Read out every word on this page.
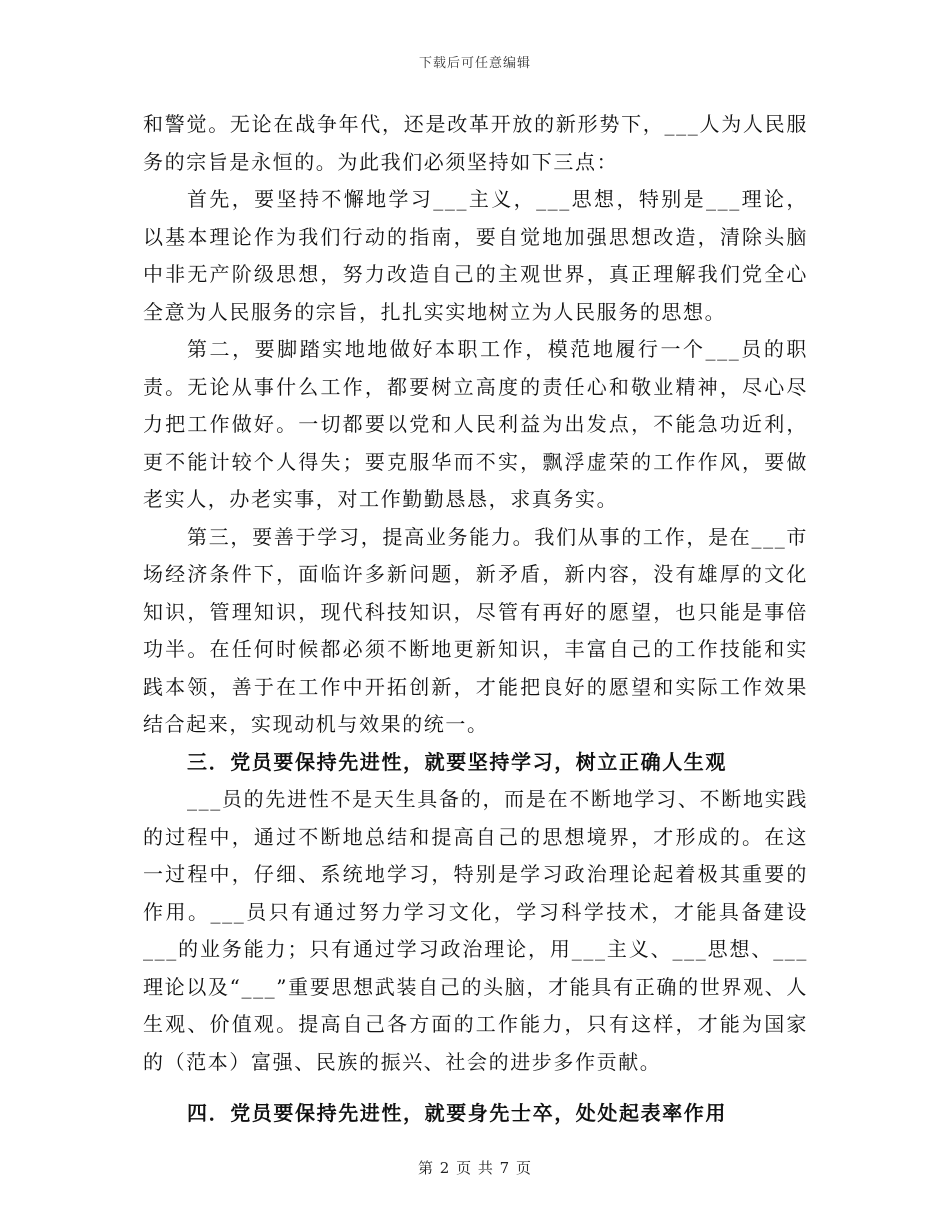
下载后可任意编辑

和警觉。无论在战争年代，还是改革开放的新形势下，___人为人民服务的宗旨是永恒的。为此我们必须坚持如下三点：

首先，要坚持不懈地学习___主义，___思想，特别是___理论，以基本理论作为我们行动的指南，要自觉地加强思想改造，清除头脑中非无产阶级思想，努力改造自己的主观世界，真正理解我们党全心全意为人民服务的宗旨，扎扎实实地树立为人民服务的思想。

第二，要脚踏实地地做好本职工作，模范地履行一个___员的职责。无论从事什么工作，都要树立高度的责任心和敬业精神，尽心尽力把工作做好。一切都要以党和人民利益为出发点，不能急功近利，更不能计较个人得失；要克服华而不实，飘浮虚荣的工作作风，要做老实人，办老实事，对工作勤勤恳恳，求真务实。

第三，要善于学习，提高业务能力。我们从事的工作，是在___市场经济条件下，面临许多新问题，新矛盾，新内容，没有雄厚的文化知识，管理知识，现代科技知识，尽管有再好的愿望，也只能是事倍功半。在任何时候都必须不断地更新知识，丰富自己的工作技能和实践本领，善于在工作中开拓创新，才能把良好的愿望和实际工作效果结合起来，实现动机与效果的统一。

三．党员要保持先进性，就要坚持学习，树立正确人生观

___员的先进性不是天生具备的，而是在不断地学习、不断地实践的过程中，通过不断地总结和提高自己的思想境界，才形成的。在这一过程中，仔细、系统地学习，特别是学习政治理论起着极其重要的作用。___员只有通过努力学习文化，学习科学技术，才能具备建设___的业务能力；只有通过学习政治理论，用___主义、___思想、___理论以及“___”重要思想武装自己的头脑，才能具有正确的世界观、人生观、价值观。提高自己各方面的工作能力，只有这样，才能为国家的（范本）富强、民族的振兴、社会的进步多作贡献。

四．党员要保持先进性，就要身先士卒，处处起表率作用
第 2 页 共 7 页
